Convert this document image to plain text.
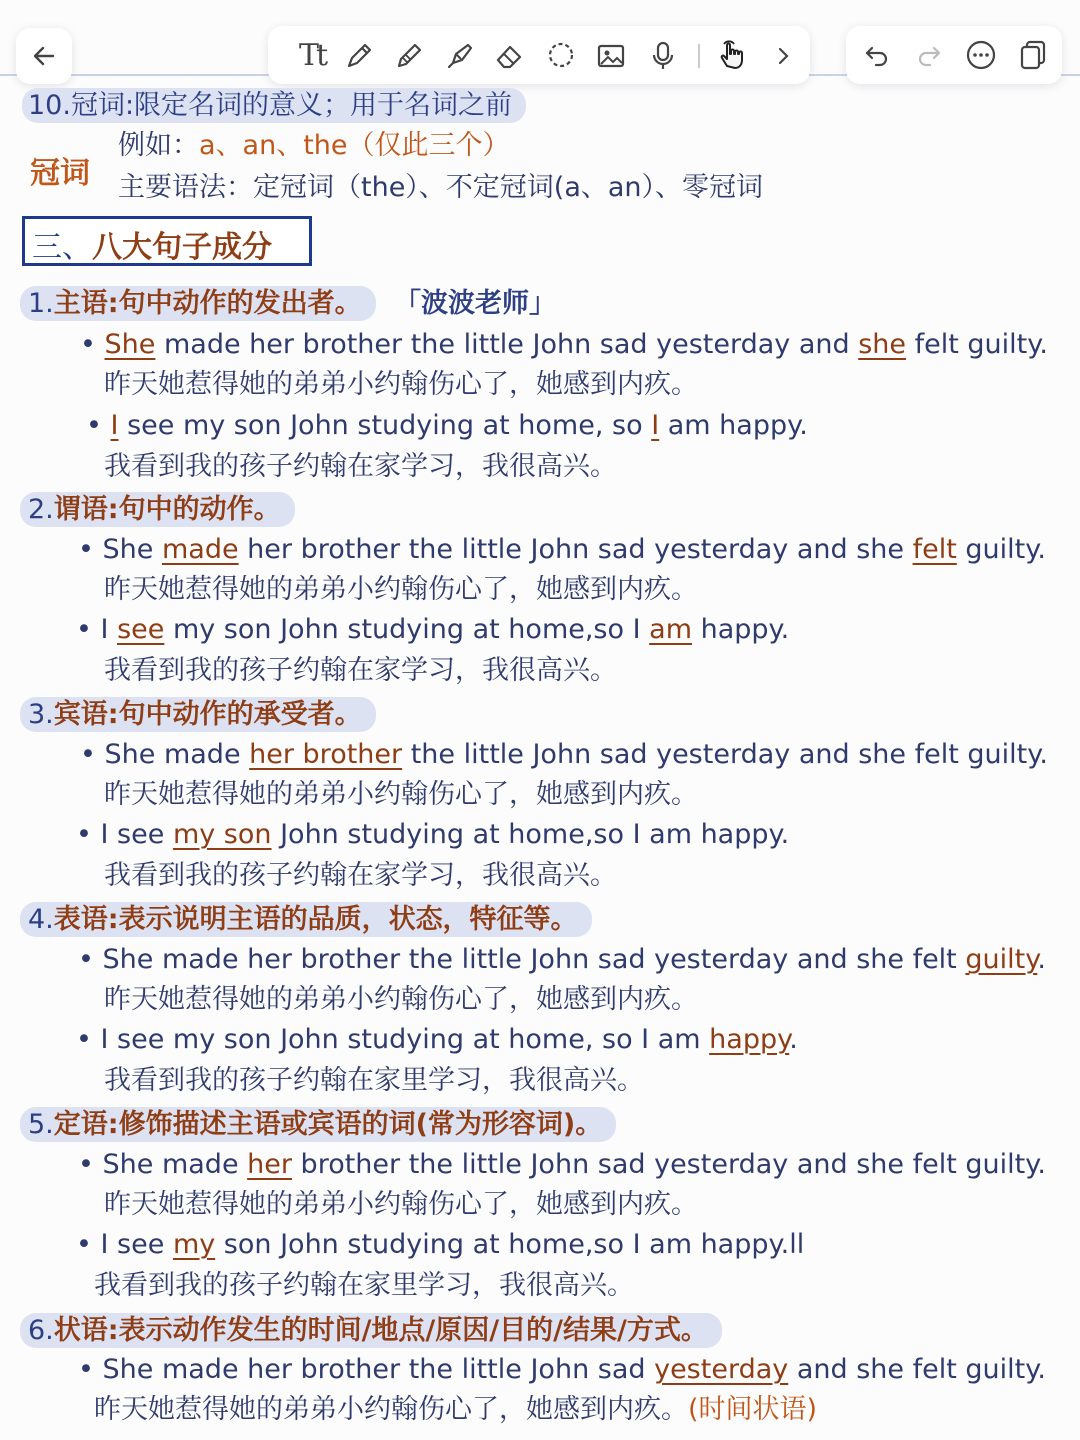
Tt
10.冠词:限定名词的意义；用于名词之前
冠词
例如：a、an、the（仅此三个）
主要语法：定冠词（the）、不定冠词(a、an）、零冠词
三、八大句子成分
1.主语:句中动作的发出者。	「波波老师」
• She made her brother the little John sad yesterday and she felt guilty.
昨天她惹得她的弟弟小约翰伤心了，她感到内疚。
• I see my son John studying at home, so I am happy.
我看到我的孩子约翰在家学习，我很高兴。
2.谓语:句中的动作。
• She made her brother the little John sad yesterday and she felt guilty.
昨天她惹得她的弟弟小约翰伤心了，她感到内疚。
• I see my son John studying at home,so I am happy.
我看到我的孩子约翰在家学习，我很高兴。
3.宾语:句中动作的承受者。
• She made her brother the little John sad yesterday and she felt guilty.
昨天她惹得她的弟弟小约翰伤心了，她感到内疚。
• I see my son John studying at home,so I am happy.
我看到我的孩子约翰在家学习，我很高兴。
4.表语:表示说明主语的品质，状态，特征等。
• She made her brother the little John sad yesterday and she felt guilty.
昨天她惹得她的弟弟小约翰伤心了，她感到内疚。
• I see my son John studying at home, so I am happy.
我看到我的孩子约翰在家里学习，我很高兴。
5.定语:修饰描述主语或宾语的词(常为形容词)。
• She made her brother the little John sad yesterday and she felt guilty.
昨天她惹得她的弟弟小约翰伤心了，她感到内疚。
• I see my son John studying at home,so I am happy.ll
我看到我的孩子约翰在家里学习，我很高兴。
6.状语:表示动作发生的时间/地点/原因/目的/结果/方式。
• She made her brother the little John sad yesterday and she felt guilty.
昨天她惹得她的弟弟小约翰伤心了，她感到内疚。(时间状语)
